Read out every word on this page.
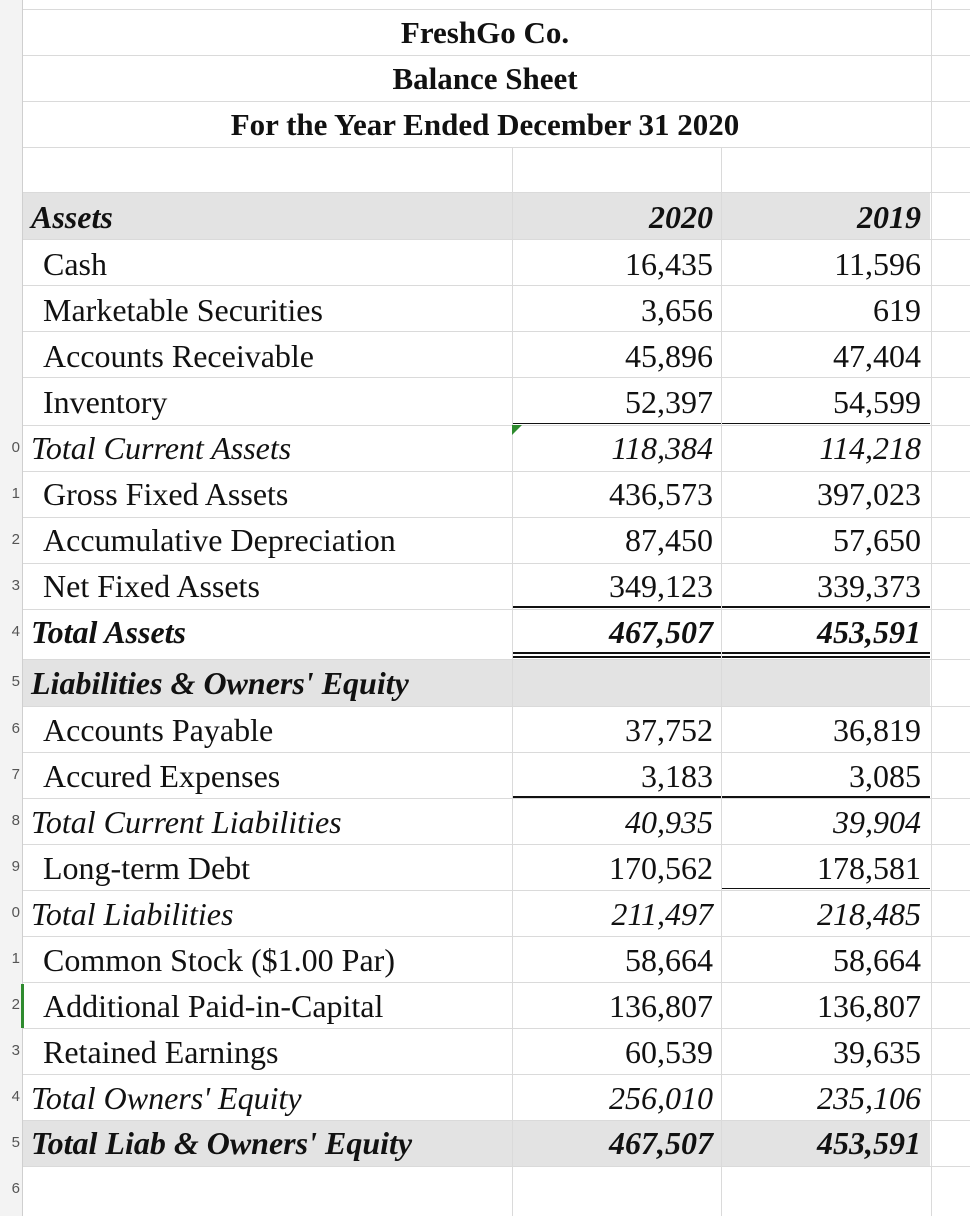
0
1
2
3
4
5
6
7
8
9
0
1
2
3
4
5
6
FreshGo Co.
Balance Sheet
For the Year Ended December 31 2020
Assets	2020	2019
Cash	16,435	11,596
Marketable Securities	3,656	619
Accounts Receivable	45,896	47,404
Inventory	52,397	54,599
Total Current Assets	118,384	114,218
Gross Fixed Assets	436,573	397,023
Accumulative Depreciation	87,450	57,650
Net Fixed Assets	349,123	339,373
Total Assets	467,507	453,591
Liabilities & Owners' Equity
Accounts Payable	37,752	36,819
Accured Expenses	3,183	3,085
Total Current Liabilities	40,935	39,904
Long-term Debt	170,562	178,581
Total Liabilities	211,497	218,485
Common Stock ($1.00 Par)	58,664	58,664
Additional Paid-in-Capital	136,807	136,807
Retained Earnings	60,539	39,635
Total Owners' Equity	256,010	235,106
Total Liab & Owners' Equity	467,507	453,591
